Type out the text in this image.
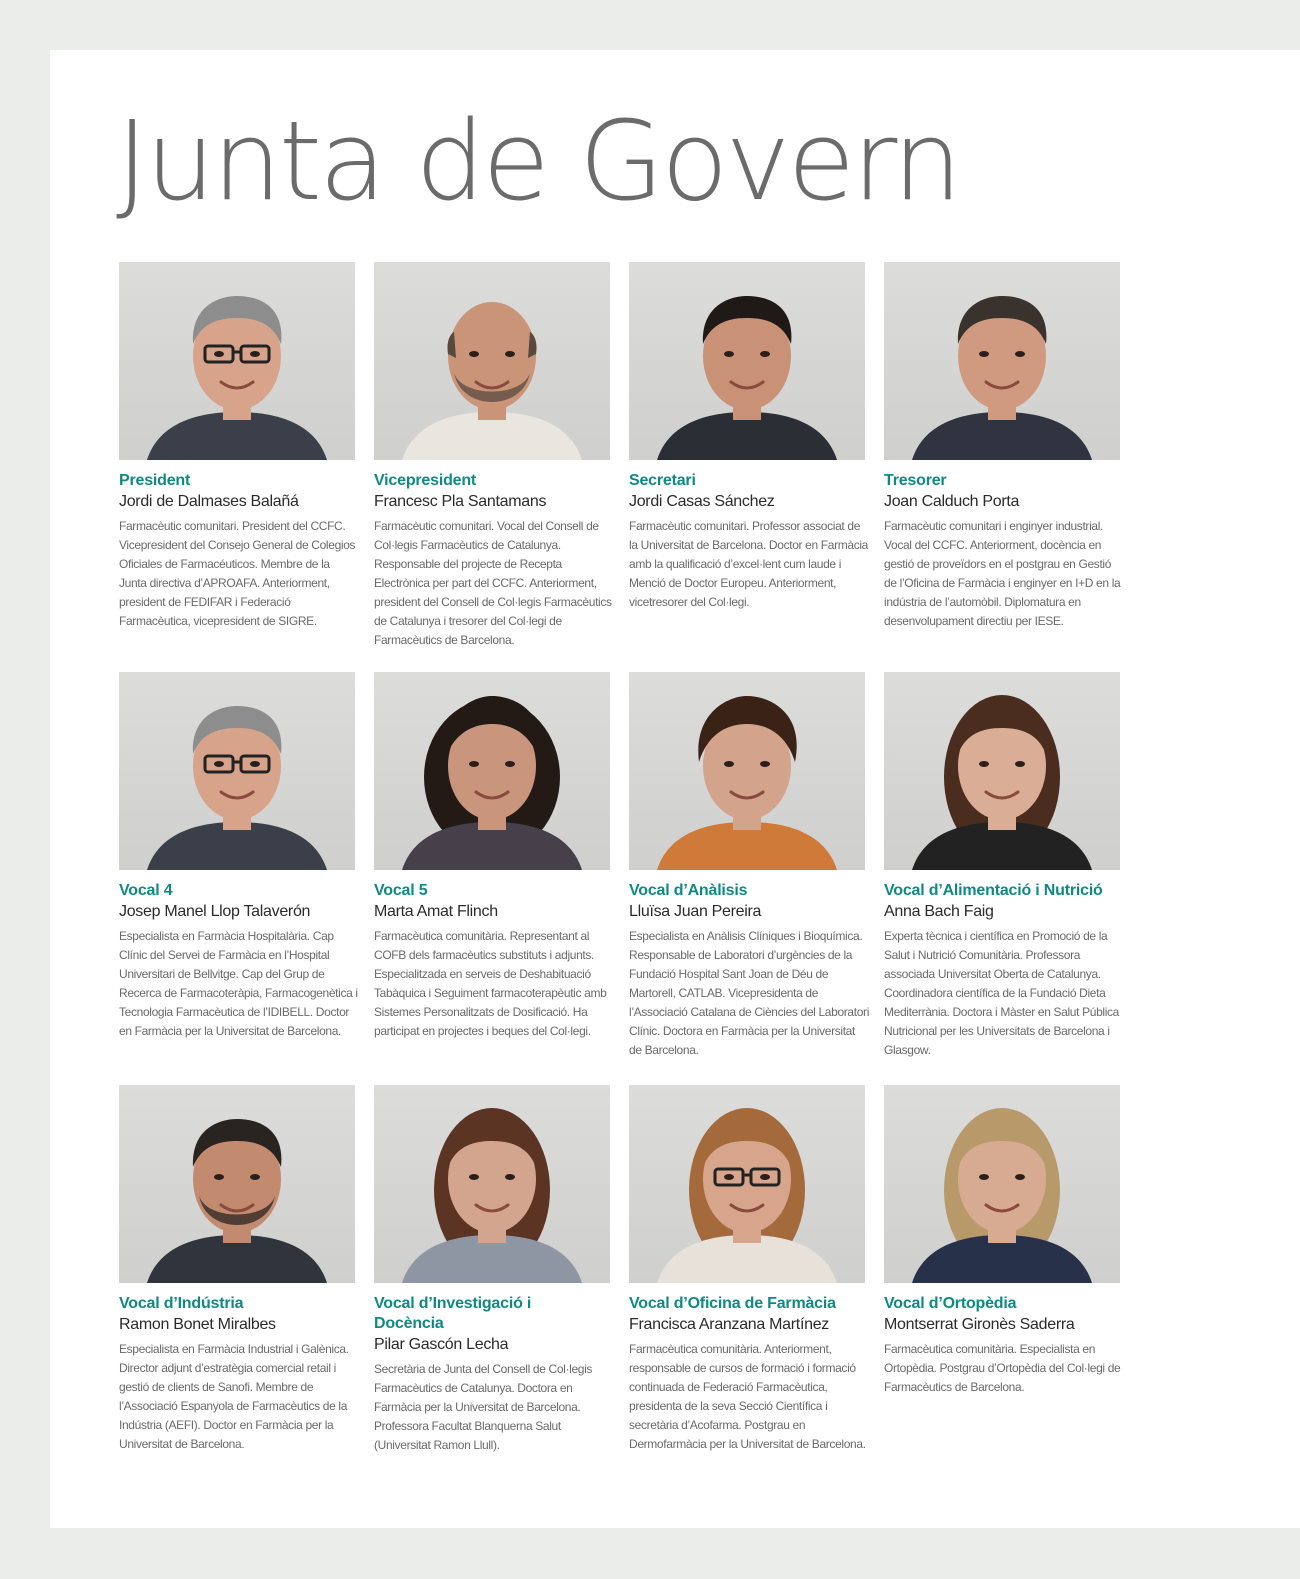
Junta de Govern
President
Jordi de Dalmases Balañá
Farmacèutic comunitari. President del CCFC. Vicepresident del Consejo General de Colegios Oficiales de Farmacéuticos. Membre de la Junta directiva d’APROAFA. Anteriorment, president de FEDIFAR i Federació Farmacèutica, vicepresident de SIGRE.
Vicepresident
Francesc Pla Santamans
Farmacèutic comunitari. Vocal del Consell de Col·legis Farmacèutics de Catalunya. Responsable del projecte de Recepta Electrònica per part del CCFC. Anteriorment, president del Consell de Col·legis Farmacèutics de Catalunya i tresorer del Col·legi de Farmacèutics de Barcelona.
Secretari
Jordi Casas Sánchez
Farmacèutic comunitari. Professor associat de la Universitat de Barcelona. Doctor en Farmàcia amb la qualificació d’excel·lent cum laude i Menció de Doctor Europeu. Anteriorment, vicetresorer del Col·legi.
Tresorer
Joan Calduch Porta
Farmacèutic comunitari i enginyer industrial. Vocal del CCFC. Anteriorment, docència en gestió de proveïdors en el postgrau en Gestió de l’Oficina de Farmàcia i enginyer en I+D en la indústria de l’automòbil. Diplomatura en desenvolupament directiu per IESE.
Vocal 4
Josep Manel Llop Talaverón
Especialista en Farmàcia Hospitalària. Cap Clínic del Servei de Farmàcia en l’Hospital Universitari de Bellvitge. Cap del Grup de Recerca de Farmacoteràpia, Farmacogenètica i Tecnologia Farmacèutica de l’IDIBELL. Doctor en Farmàcia per la Universitat de Barcelona.
Vocal 5
Marta Amat Flinch
Farmacèutica comunitària. Representant al COFB dels farmacèutics substituts i adjunts. Especialitzada en serveis de Deshabituació Tabàquica i Seguiment farmacoterapèutic amb Sistemes Personalitzats de Dosificació. Ha participat en projectes i beques del Col·legi.
Vocal d’Anàlisis
Lluïsa Juan Pereira
Especialista en Anàlisis Clíniques i Bioquímica. Responsable de Laboratori d’urgències de la Fundació Hospital Sant Joan de Déu de Martorell, CATLAB. Vicepresidenta de l’Associació Catalana de Ciències del Laboratori Clínic. Doctora en Farmàcia per la Universitat de Barcelona.
Vocal d’Alimentació i Nutrició
Anna Bach Faig
Experta tècnica i científica en Promoció de la Salut i Nutrició Comunitària. Professora associada Universitat Oberta de Catalunya. Coordinadora científica de la Fundació Dieta Mediterrània. Doctora i Màster en Salut Pública Nutricional per les Universitats de Barcelona i Glasgow.
Vocal d’Indústria
Ramon Bonet Miralbes
Especialista en Farmàcia Industrial i Galènica. Director adjunt d’estratègia comercial retail i gestió de clients de Sanofi. Membre de l’Associació Espanyola de Farmacèutics de la Indústria (AEFI). Doctor en Farmàcia per la Universitat de Barcelona.
Vocal d’Investigació i Docència
Pilar Gascón Lecha
Secretària de Junta del Consell de Col·legis Farmacèutics de Catalunya. Doctora en Farmàcia per la Universitat de Barcelona. Professora Facultat Blanquerna Salut (Universitat Ramon Llull).
Vocal d’Oficina de Farmàcia
Francisca Aranzana Martínez
Farmacèutica comunitària. Anteriorment, responsable de cursos de formació i formació continuada de Federació Farmacèutica, presidenta de la seva Secció Científica i secretària d’Acofarma. Postgrau en Dermofarmàcia per la Universitat de Barcelona.
Vocal d’Ortopèdia
Montserrat Gironès Saderra
Farmacèutica comunitària. Especialista en Ortopèdia. Postgrau d’Ortopèdia del Col·legi de Farmacèutics de Barcelona.
